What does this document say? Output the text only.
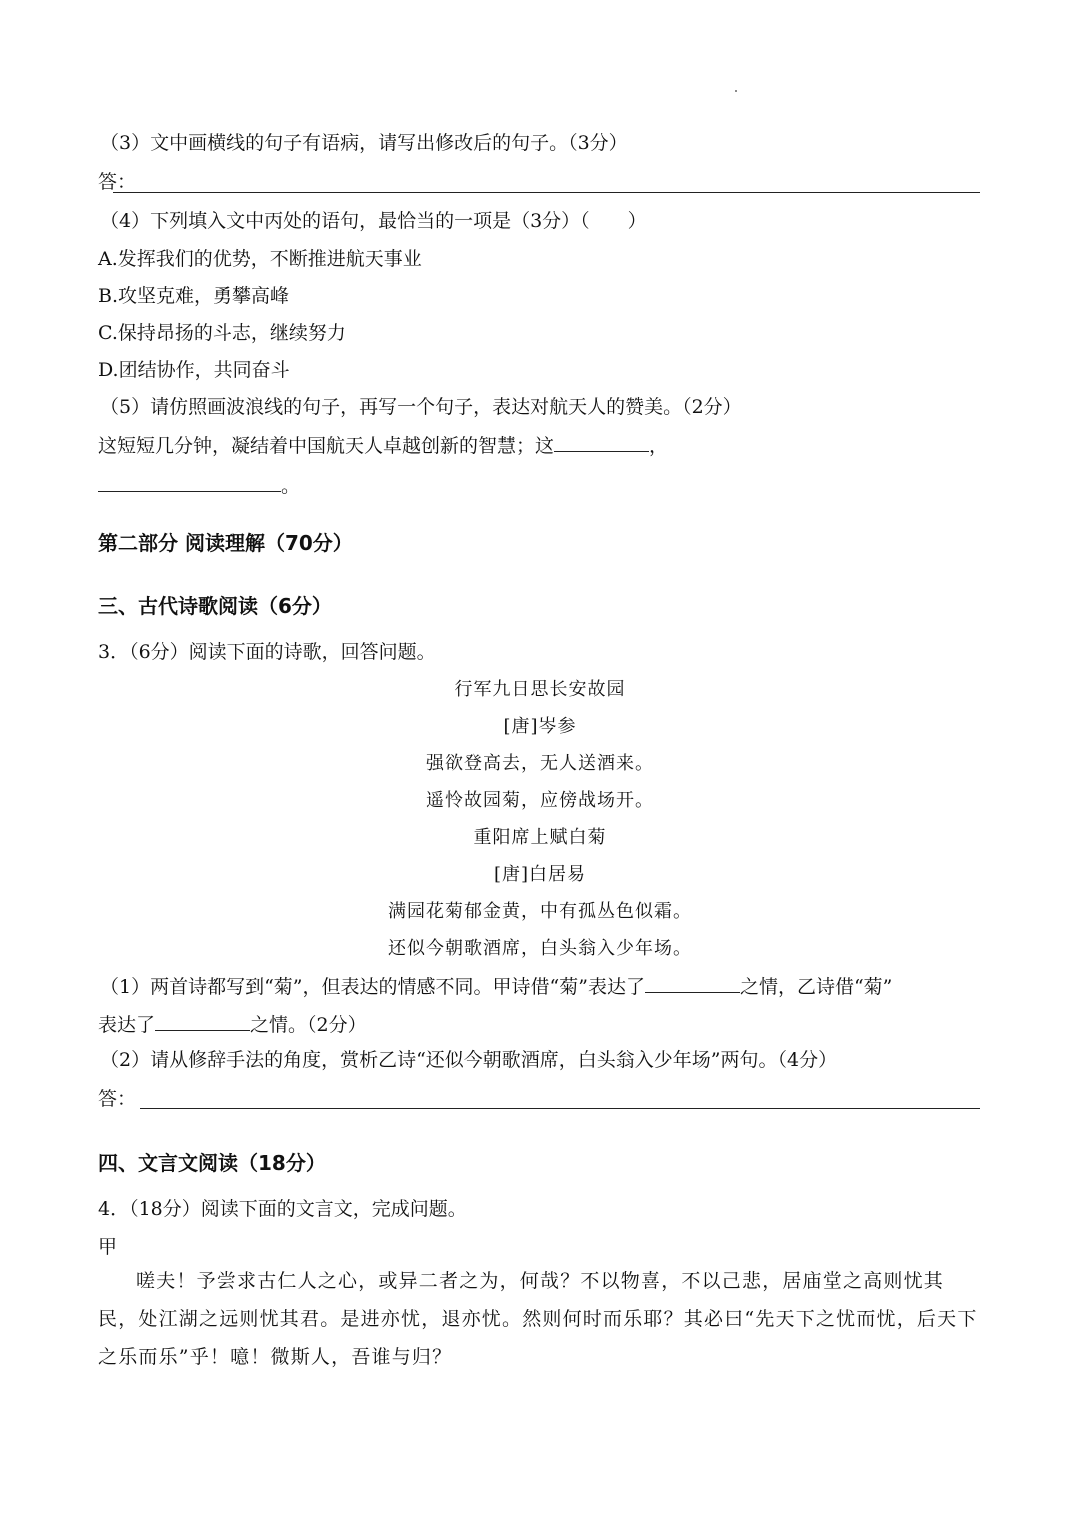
（3）文中画横线的句子有语病，请写出修改后的句子。（3分）
答：
（4）下列填入文中丙处的语句，最恰当的一项是（3分）（　　）
A.发挥我们的优势，不断推进航天事业
B.攻坚克难，勇攀高峰
C.保持昂扬的斗志，继续努力
D.团结协作，共同奋斗
（5）请仿照画波浪线的句子，再写一个句子，表达对航天人的赞美。（2分）
这短短几分钟，凝结着中国航天人卓越创新的智慧；这	，
。
第二部分 阅读理解（70分）
三、古代诗歌阅读（6分）
3．（6分）阅读下面的诗歌，回答问题。
行军九日思长安故园
[唐]岑参
强欲登高去，无人送酒来。
遥怜故园菊，应傍战场开。
重阳席上赋白菊
[唐]白居易
满园花菊郁金黄，中有孤丛色似霜。
还似今朝歌酒席，白头翁入少年场。
（1）两首诗都写到“菊”，但表达的情感不同。甲诗借“菊”表达了	之情，乙诗借“菊”
表达了	之情。（2分）
（2）请从修辞手法的角度，赏析乙诗“还似今朝歌酒席，白头翁入少年场”两句。（4分）
答：
四、文言文阅读（18分）
4．（18分）阅读下面的文言文，完成问题。
甲
嗟夫！予尝求古仁人之心，或异二者之为，何哉？不以物喜，不以己悲，居庙堂之高则忧其民，处江湖之远则忧其君。是进亦忧，退亦忧。然则何时而乐耶？其必曰“先天下之忧而忧，后天下之乐而乐”乎！噫！微斯人，吾谁与归？
